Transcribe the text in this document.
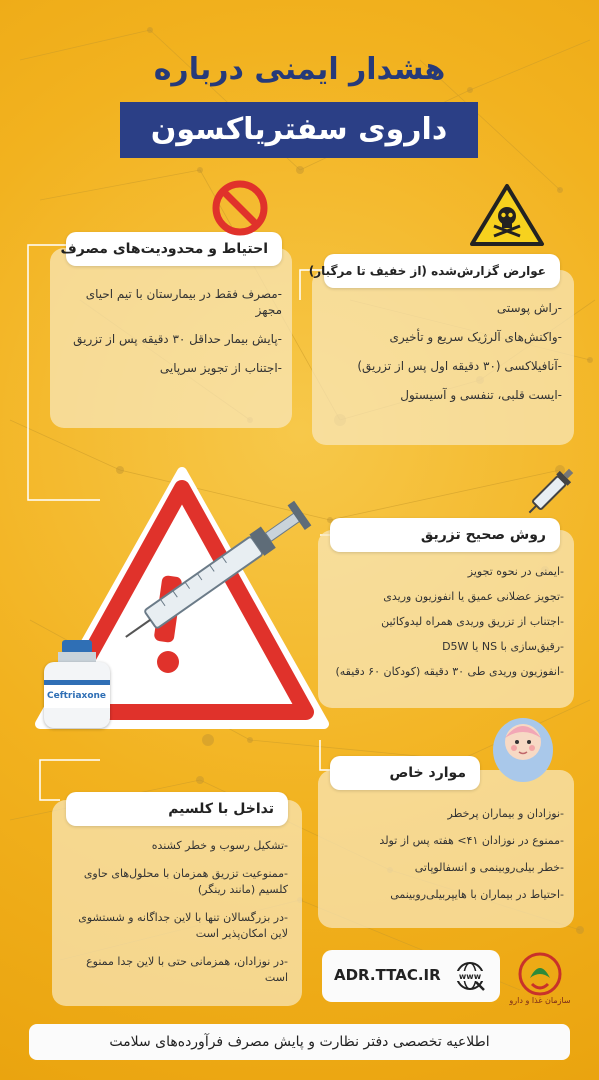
هشدار ایمنی درباره
داروی سفتریاکسون
احتیاط و محدودیت‌های مصرف
-مصرف فقط در بیمارستان با تیم احیای مجهز
-پایش بیمار حداقل ۳۰ دقیقه پس از تزریق
-اجتناب از تجویز سرپایی
عوارض گزارش‌شده (از خفیف تا مرگبار)
-راش پوستی
-واکنش‌های آلرژیک سریع و تأخیری
-آنافیلاکسی (۳۰ دقیقه اول پس از تزریق)
-ایست قلبی، تنفسی و آسیستول
Ceftriaxone
روش صحیح تزریق
-ایمنی در نحوه تجویز
-تجویز عضلانی عمیق یا انفوزیون وریدی
-اجتناب از تزریق وریدی همراه لیدوکائین
-رقیق‌سازی با NS یا D5W
-انفوزیون وریدی طی ۳۰ دقیقه (کودکان ۶۰ دقیقه)
موارد خاص
-نوزادان و بیماران پرخطر
-ممنوع در نوزادان ۴۱> هفته پس از تولد
-خطر بیلی‌روبینمی و انسفالوپاتی
-احتیاط در بیماران با هایپربیلی‌روبینمی
تداخل با کلسیم
-تشکیل رسوب و خطر کشنده
-ممنوعیت تزریق همزمان با محلول‌های حاوی کلسیم (مانند رینگر)
-در بزرگسالان تنها با لاین جداگانه و شستشوی لاین امکان‌پذیر است
-در نوزادان، همزمانی حتی با لاین جدا ممنوع است	ADR.TTAC.IR www
سازمان غذا و دارو
اطلاعیه تخصصی دفتر نظارت و پایش مصرف فرآورده‌های سلامت
